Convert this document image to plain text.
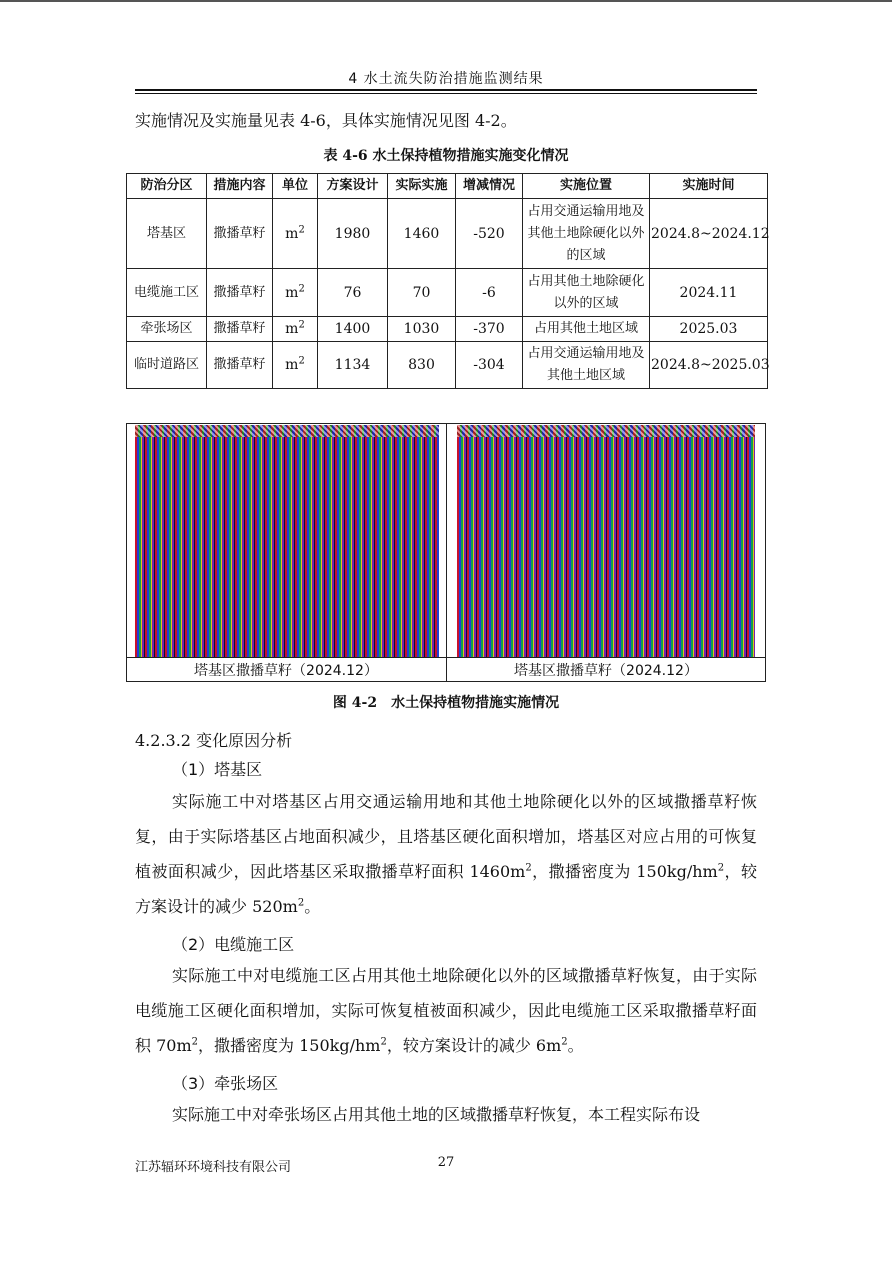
4 水土流失防治措施监测结果
实施情况及实施量见表 4-6，具体实施情况见图 4-2。
表 4-6 水土保持植物措施实施变化情况
防治分区	措施内容	单位	方案设计	实际实施	增减情况	实施位置	实施时间
塔基区	撒播草籽	$m^2$	1980	1460	-520	占用交通运输用地及其他土地除硬化以外的区域	2024.8~2024.12
电缆施工区	撒播草籽	$m^2$	76	70	-6	占用其他土地除硬化以外的区域	2024.11
牵张场区	撒播草籽	$m^2$	1400	1030	-370	占用其他土地区域	2025.03
临时道路区	撒播草籽	$m^2$	1134	830	-304	占用交通运输用地及其他土地区域	2024.8~2025.03
塔基区撒播草籽（2024.12）	塔基区撒播草籽（2024.12）
图 4-2　水土保持植物措施实施情况
4.2.3.2 变化原因分析
（1）塔基区

实际施工中对塔基区占用交通运输用地和其他土地除硬化以外的区域撒播草籽恢复，由于实际塔基区占地面积减少，且塔基区硬化面积增加，塔基区对应占用的可恢复植被面积减少，因此塔基区采取撒播草籽面积 $1460m^2$，撒播密度为 $150kg/hm^2$，较方案设计的减少 $520m^2$。

（2）电缆施工区

实际施工中对电缆施工区占用其他土地除硬化以外的区域撒播草籽恢复，由于实际电缆施工区硬化面积增加，实际可恢复植被面积减少，因此电缆施工区采取撒播草籽面积 $70m^2$，撒播密度为 $150kg/hm^2$，较方案设计的减少 $6m^2$。

（3）牵张场区

实际施工中对牵张场区占用其他土地的区域撒播草籽恢复，本工程实际布设

江苏辐环环境科技有限公司	27
